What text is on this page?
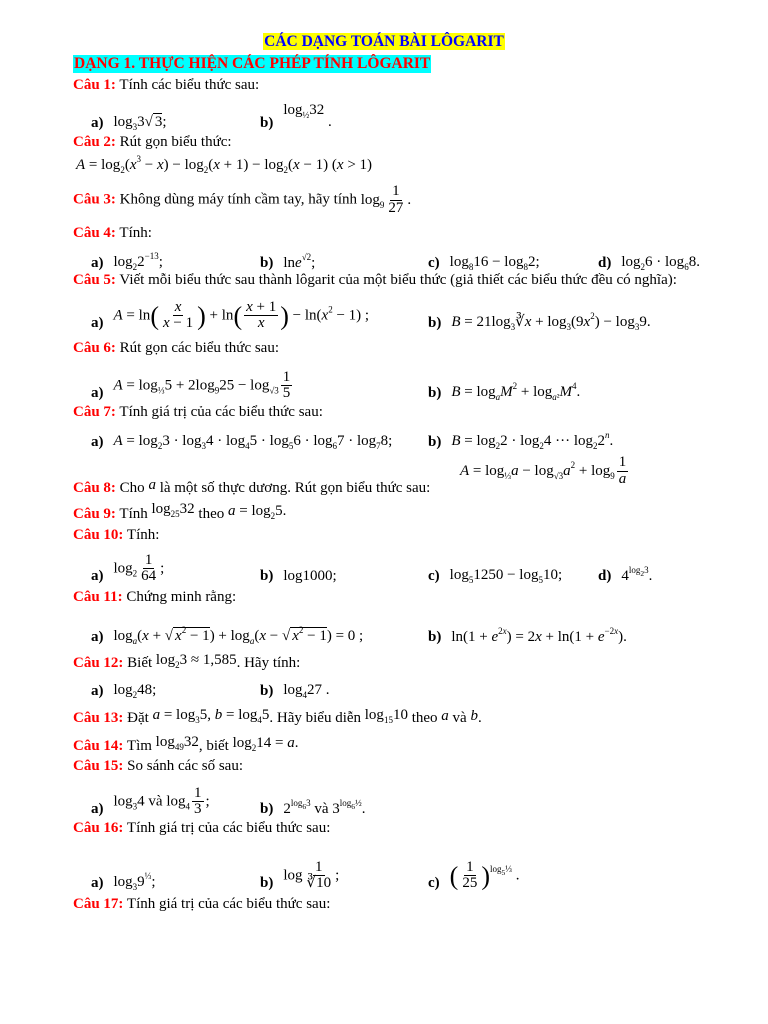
CÁC DẠNG TOÁN BÀI LÔGARIT
DẠNG 1. THỰC HIỆN CÁC PHÉP TÍNH LÔGARIT
Câu 1: Tính các biểu thức sau:
a) $\log_33√$ 3;	b)
$\log_{\frac{1}{2}}32$ .
Câu 2: Rút gọn biểu thức:
$A = \log_2(x^3 - x) - \log_2(x + 1) - \log_2(x - 1) (x > 1)$
Câu 3: Không dùng máy tính cầm tay, hãy tính $\log_9 \frac{1}{27}$ .
Câu 4: Tính:
a) $\log_22^{-13}$;	b) lne$^{√2}$;	c) $\log_816 - \log_82$;	d) $\log_26 \cdot \log_68$.
Câu 5: Viết mỗi biểu thức sau thành lôgarit của một biểu thức (giả thiết các biểu thức đều có nghĩa):
a) $A = \ln( \frac{x}{x - 1}$ ) + $\ln( \frac{x + 1}{x}$ ) − $\ln(x^2 - 1)$ ;	b) $B = 21\log_3∛x + \log_3(9x^2) - \log_39$.
Câu 6: Rút gọn các biểu thức sau:
a) $A = \log_{\frac{1}{3}}5 + 2\log_925 - \log_{√3} \frac{1}{5}$	b) $B = \log_aM^2 + \log_{a^2}M^4$.
Câu 7: Tính giá trị của các biểu thức sau:
a) $A = \log_23 \cdot \log_34 \cdot \log_45 \cdot \log_56 \cdot \log_67 \cdot \log_78$; b) $B = \log_22 \cdot \log_24$ ··· $\log_22^n$.
$A = \log_{\frac{1}{3}}a - \log_{√3}a^2 + \log_9 \frac{1}{a}$
Câu 8: Cho a là một số thực dương. Rút gọn biểu thức sau:
Câu 9: Tính $\log_{25}32$ theo $a = \log_25$.
Câu 10: Tính:
a) $\log_2 \frac{1}{64}$ ;	b) log1000;	c) $\log_51250 - \log_510$; d) $4^{log_23}$.
Câu 11: Chứng minh rằng:
a) $\log_a(x$ + √ $x^2 - 1) + \log_a(x$ − √ $x^2 - 1) = 0$ ;	b) $\ln(1 + e^{2x}) = 2x + \ln(1 + e^{-2x})$.
Câu 12: Biết $\log_23 \approx 1,585$. Hãy tính:
a) $\log_248$;	b) $\log_427$ .
Câu 13: Đặt $a = \log_35$, $b = \log_45$. Hãy biểu diễn $\log_{15}10$ theo a và b.
Câu 14: Tìm $\log_{49}32$, biết $\log_214 = a$.
Câu 15: So sánh các số sau:
a) $\log_34$ và $\log_4 \frac{1}{3}$ ;	b) $2^{log_63}$ và $3^{log_6\frac{1}{2}}$.
Câu 16: Tính giá trị của các biểu thức sau:
a) $\log_39^{\frac{1}{3}}$;	b) $\log \frac{1}{∛10}$ ;	c) ( $\frac{1}{25} )^{log_5\frac{1}{3}}$ .
Câu 17: Tính giá trị của các biểu thức sau:
